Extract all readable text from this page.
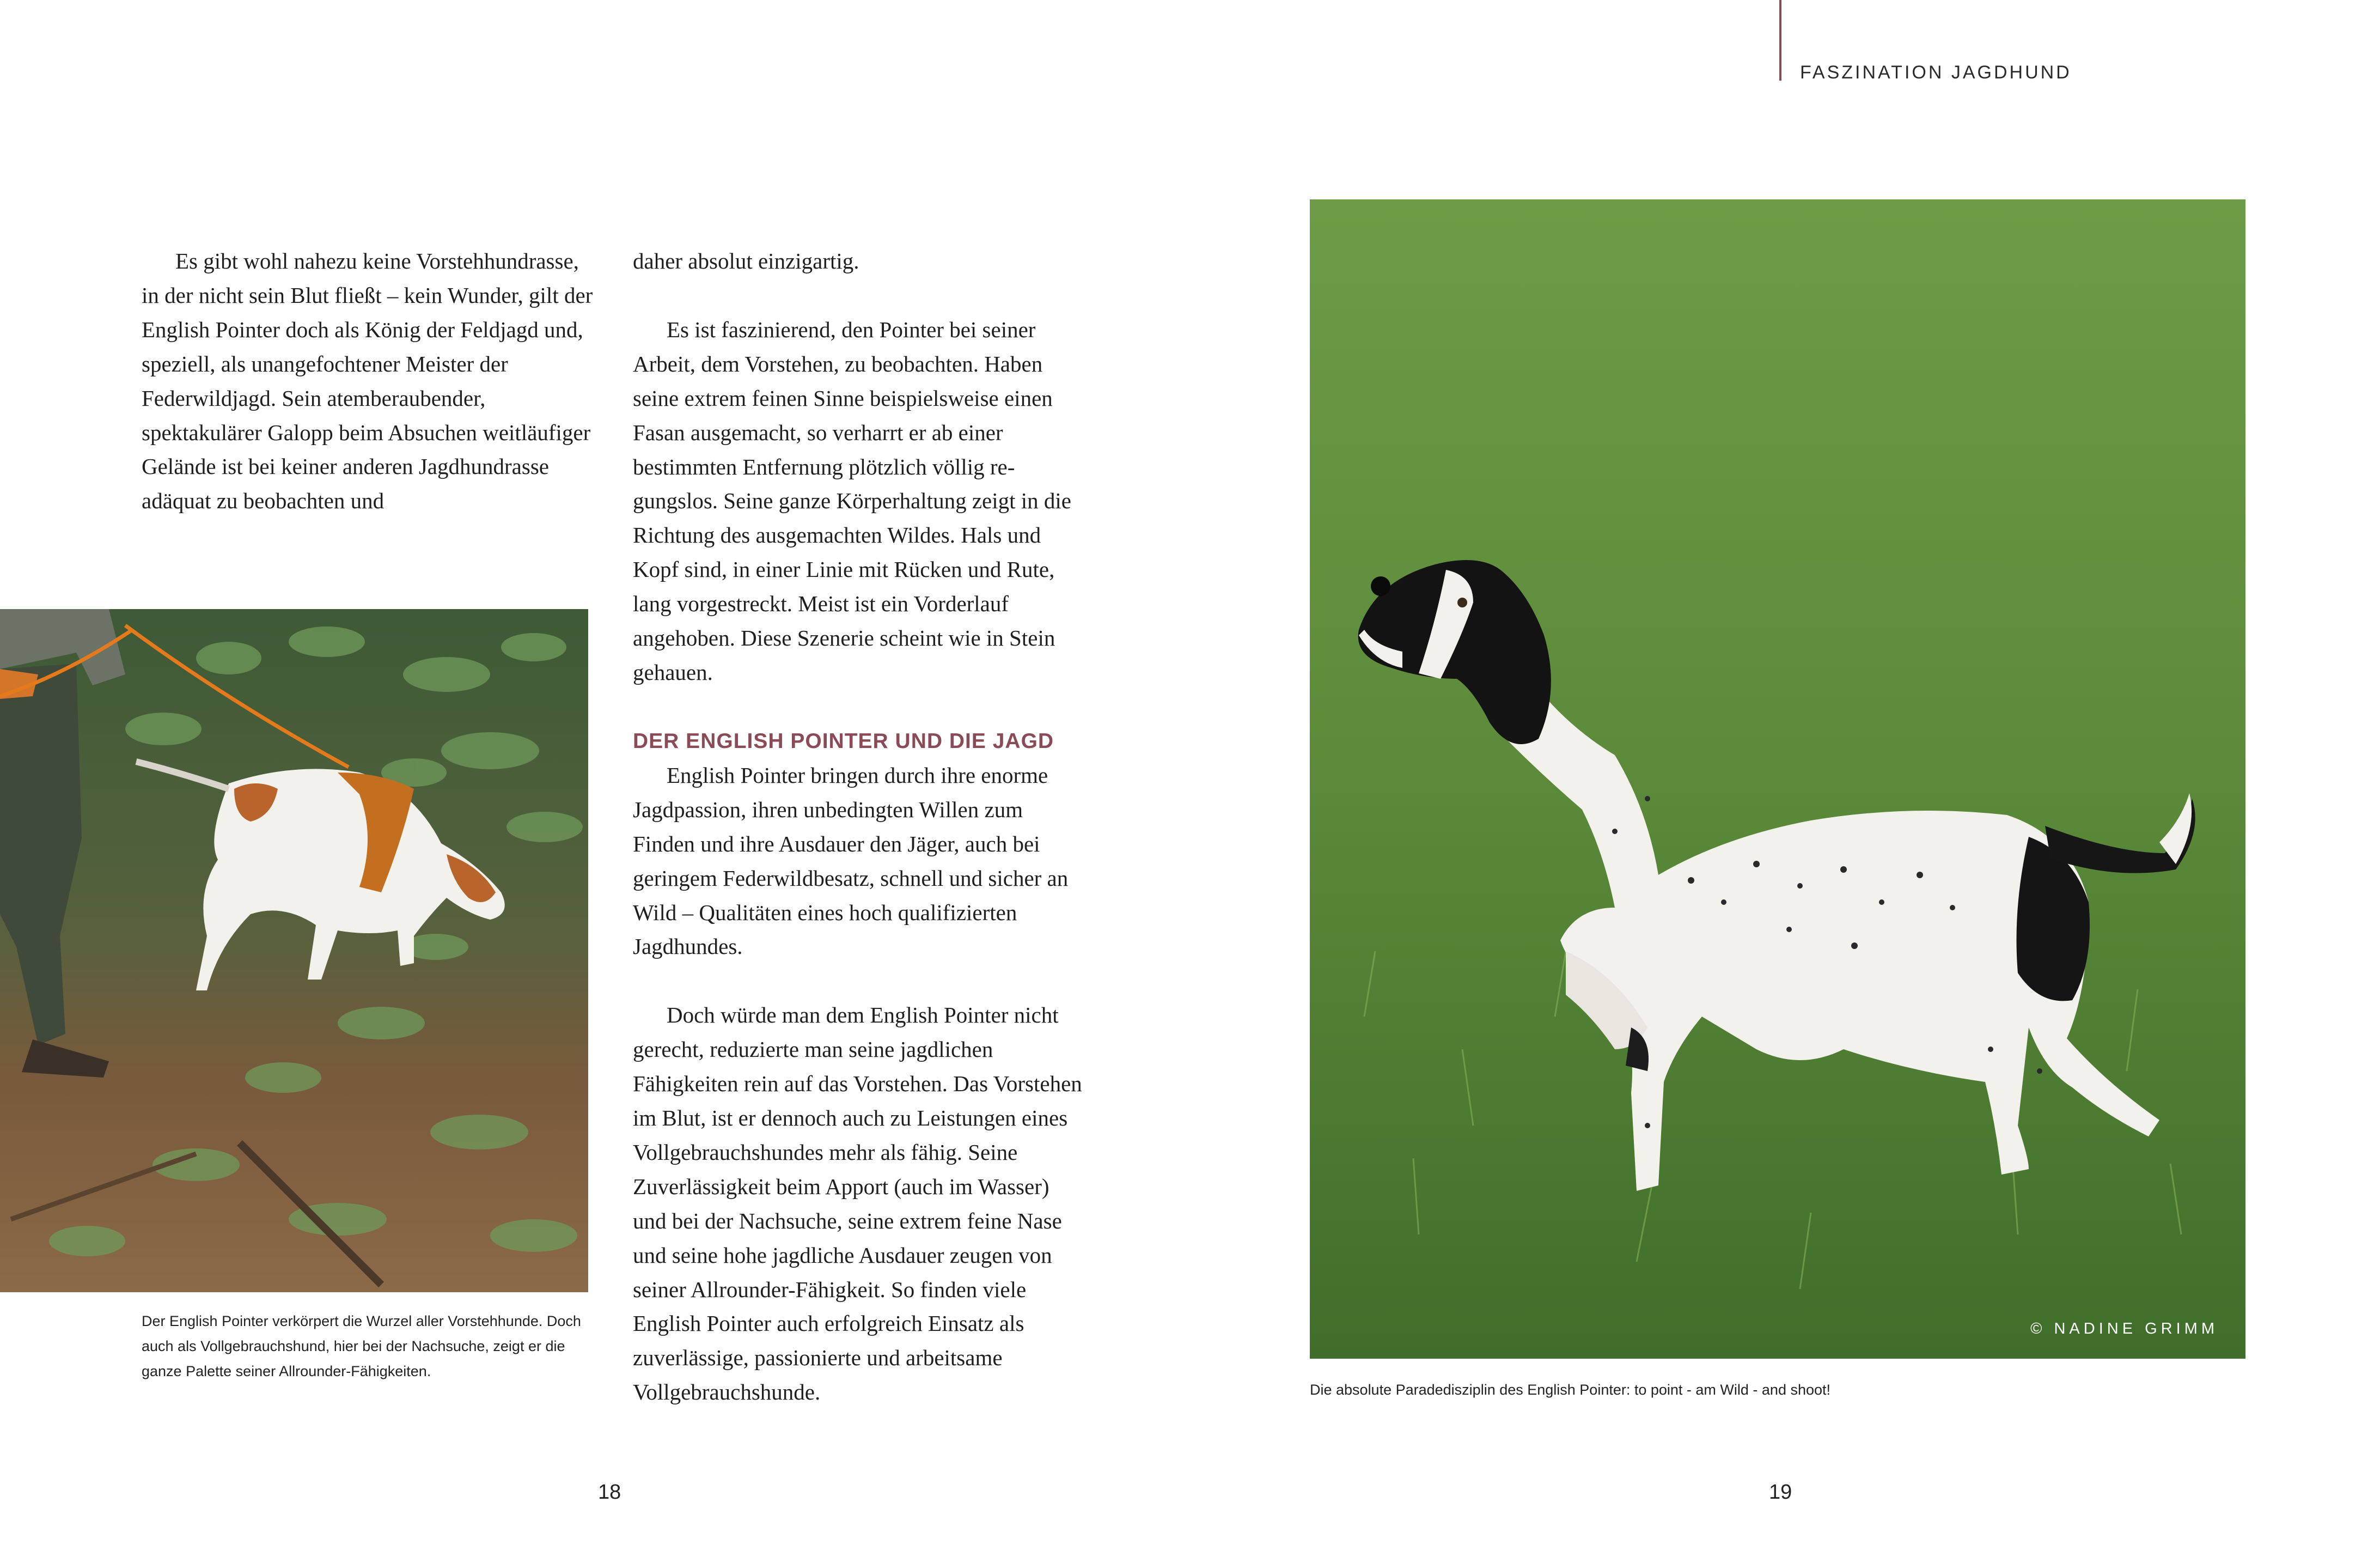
FASZINATION JAGDHUND

Es gibt wohl nahezu keine Vorstehhundrasse, in der nicht sein Blut fließt – kein Wunder, gilt der English Pointer doch als König der Feldjagd und, speziell, als unangefochtener Meister der Federwildjagd. Sein atemberaubender, spektakulärer Galopp beim Absuchen weitläufiger Gelände ist bei keiner anderen Jagdhundrasse adäquat zu beobachten und

daher absolut einzigartig.

Es ist faszinierend, den Pointer bei seiner Arbeit, dem Vorstehen, zu beobachten. Haben seine extrem feinen Sinne beispielsweise einen Fasan ausgemacht, so verharrt er ab einer bestimmten Entfernung plötzlich völlig regungslos. Seine ganze Körperhaltung zeigt in die Richtung des ausgemachten Wildes. Hals und Kopf sind, in einer Linie mit Rücken und Rute, lang vorgestreckt. Meist ist ein Vorderlauf angehoben. Diese Szenerie scheint wie in Stein gehauen.

DER ENGLISH POINTER UND DIE JAGD

English Pointer bringen durch ihre enorme Jagdpassion, ihren unbedingten Willen zum Finden und ihre Ausdauer den Jäger, auch bei geringem Federwildbesatz, schnell und sicher an Wild – Qualitäten eines hoch qualifizierten Jagdhundes.

Doch würde man dem English Pointer nicht gerecht, reduzierte man seine jagdlichen Fähigkeiten rein auf das Vorstehen. Das Vorstehen im Blut, ist er dennoch auch zu Leistungen eines Vollgebrauchshundes mehr als fähig. Seine Zuverlässigkeit beim Apport (auch im Wasser) und bei der Nachsuche, seine extrem feine Nase und seine hohe jagdliche Ausdauer zeugen von seiner Allrounder-Fähigkeit. So finden viele English Pointer auch erfolgreich Einsatz als zuverlässige, passionierte und arbeitsame Vollgebrauchshunde.

Der English Pointer verkörpert die Wurzel aller Vorstehhunde. Doch auch als Vollgebrauchshund, hier bei der Nachsuche, zeigt er die ganze Palette seiner Allrounder-Fähigkeiten.
© NADINE GRIMM
Die absolute Paradedisziplin des English Pointer: to point - am Wild - and shoot!
18	19
